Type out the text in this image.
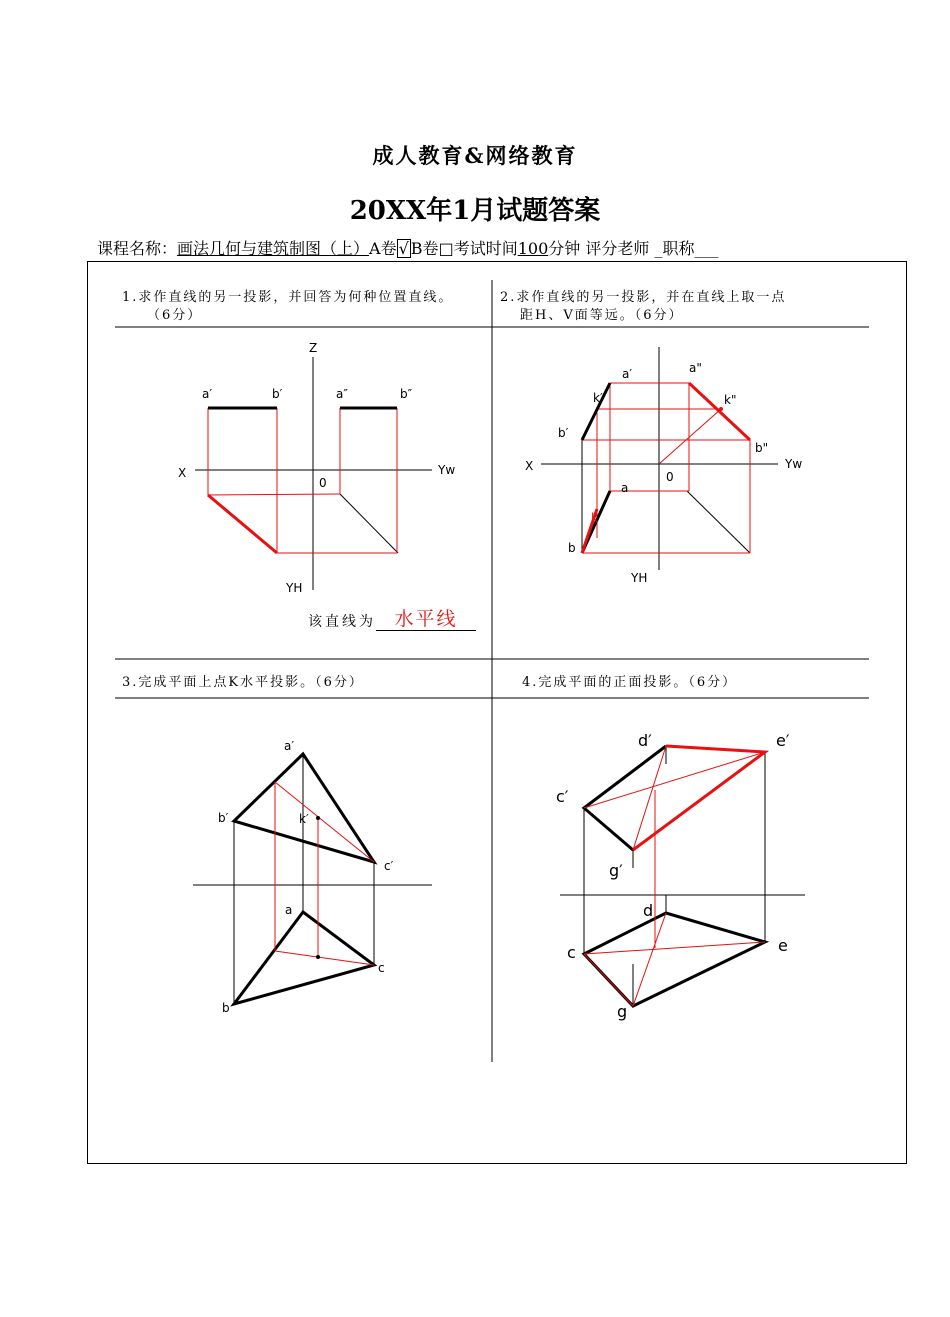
成人教育&网络教育
20XX年1月试题答案
课程名称：画法几何与建筑制图（上）A卷 √ B卷□考试时间100分钟 评分老师 _职称___
1.求作直线的另一投影，并回答为何种位置直线。
（6分）
2.求作直线的另一投影，并在直线上取一点
距H、V面等远。（6分）
3.完成平面上点K水平投影。（6分）	4.完成平面的正面投影。（6分）
该直线为 水平线
Z
X	Yw
YH
0
a′	b′	a″	b″
a′	a"
k′	k"
b′
b"
X
0
Yw
a
k
b
YH
a′
b′	k′
c′
a
b
c
d′	e′
c′
g′
d
c	e
g
